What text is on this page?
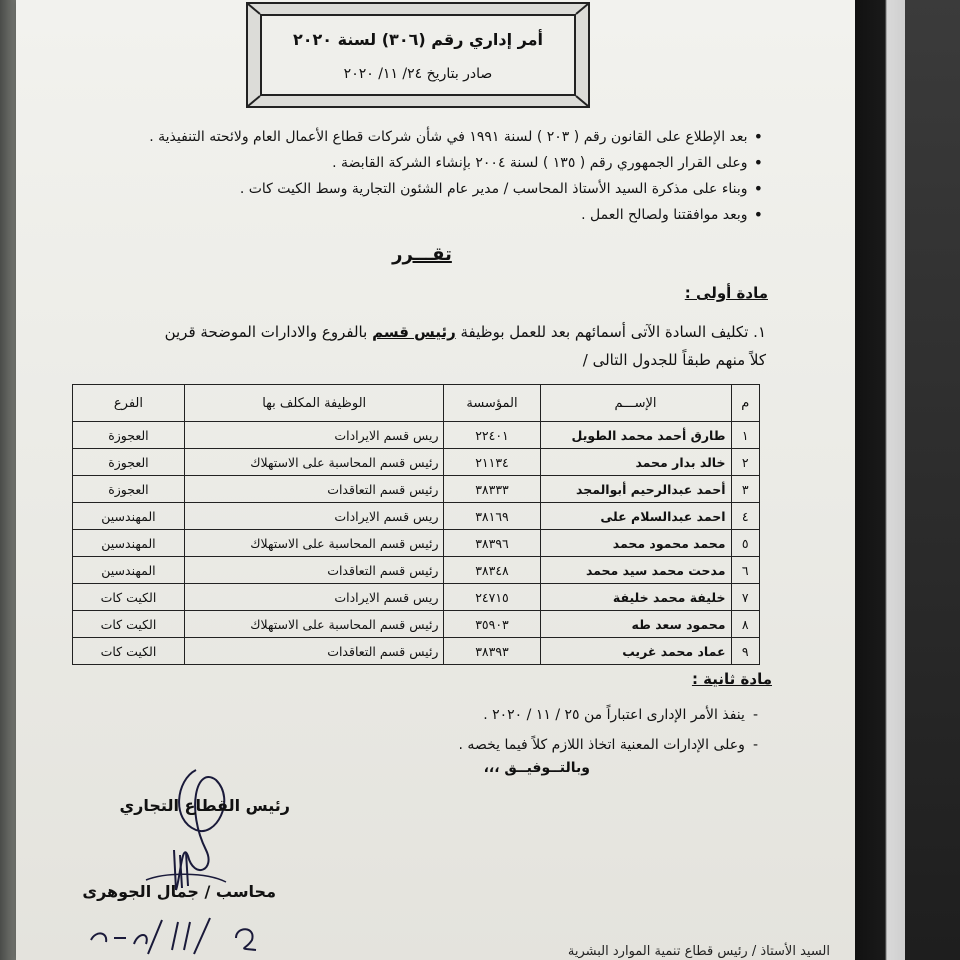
أمر إداري رقم (٣٠٦) لسنة ٢٠٢٠
صادر بتاريخ ٢٤/ ١١/ ٢٠٢٠
•
بعد الإطلاع على القانون رقم ( ٢٠٣ ) لسنة ١٩٩١ في شأن شركات قطاع الأعمال العام ولائحته التنفيذية .
•
وعلى القرار الجمهوري رقم ( ١٣٥ ) لسنة ٢٠٠٤ بإنشاء الشركة القابضة .
•
وبناء على مذكرة السيد الأستاذ المحاسب / مدير عام الشئون التجارية وسط الكيت كات .
•
وبعد موافقتنا ولصالح العمل .
تقـــرر
مادة أولى :
١. تكليف السادة الآتى أسمائهم بعد للعمل بوظيفة رئيس قسم بالفروع والادارات الموضحة قرين
كلاً منهم طبقاً للجدول التالى /
م	الإســـم	المؤسسة	الوظيفة المكلف بها	الفرع
١	طارق أحمد محمد الطويل	٢٢٤٠١	ريس قسم الايرادات	العجوزة
٢	خالد بدار محمد	٢١١٣٤	رئيس قسم المحاسبة على الاستهلاك	العجوزة
٣	أحمد عبدالرحيم أبوالمجد	٣٨٣٣٣	رئيس قسم التعاقدات	العجوزة
٤	احمد عبدالسلام على	٣٨١٦٩	ريس قسم الايرادات	المهندسين
٥	محمد محمود محمد	٣٨٣٩٦	رئيس قسم المحاسبة على الاستهلاك	المهندسين
٦	مدحت محمد سيد محمد	٣٨٣٤٨	رئيس قسم التعاقدات	المهندسين
٧	خليفة محمد خليفة	٢٤٧١٥	ريس قسم الايرادات	الكيت كات
٨	محمود سعد طه	٣٥٩٠٣	رئيس قسم المحاسبة على الاستهلاك	الكيت كات
٩	عماد محمد غريب	٣٨٣٩٣	رئيس قسم التعاقدات	الكيت كات
مادة ثانية :
-
ينفذ الأمر الإدارى اعتباراً من ٢٥ / ١١ / ٢٠٢٠ .
-
وعلى الإدارات المعنية اتخاذ اللازم كلاً فيما يخصه .
وبالتــوفيــق ،،،
رئيس القطاع التجاري
محاسب / جمال الجوهرى
السيد الأستاذ / رئيس قطاع تنمية الموارد البشرية
